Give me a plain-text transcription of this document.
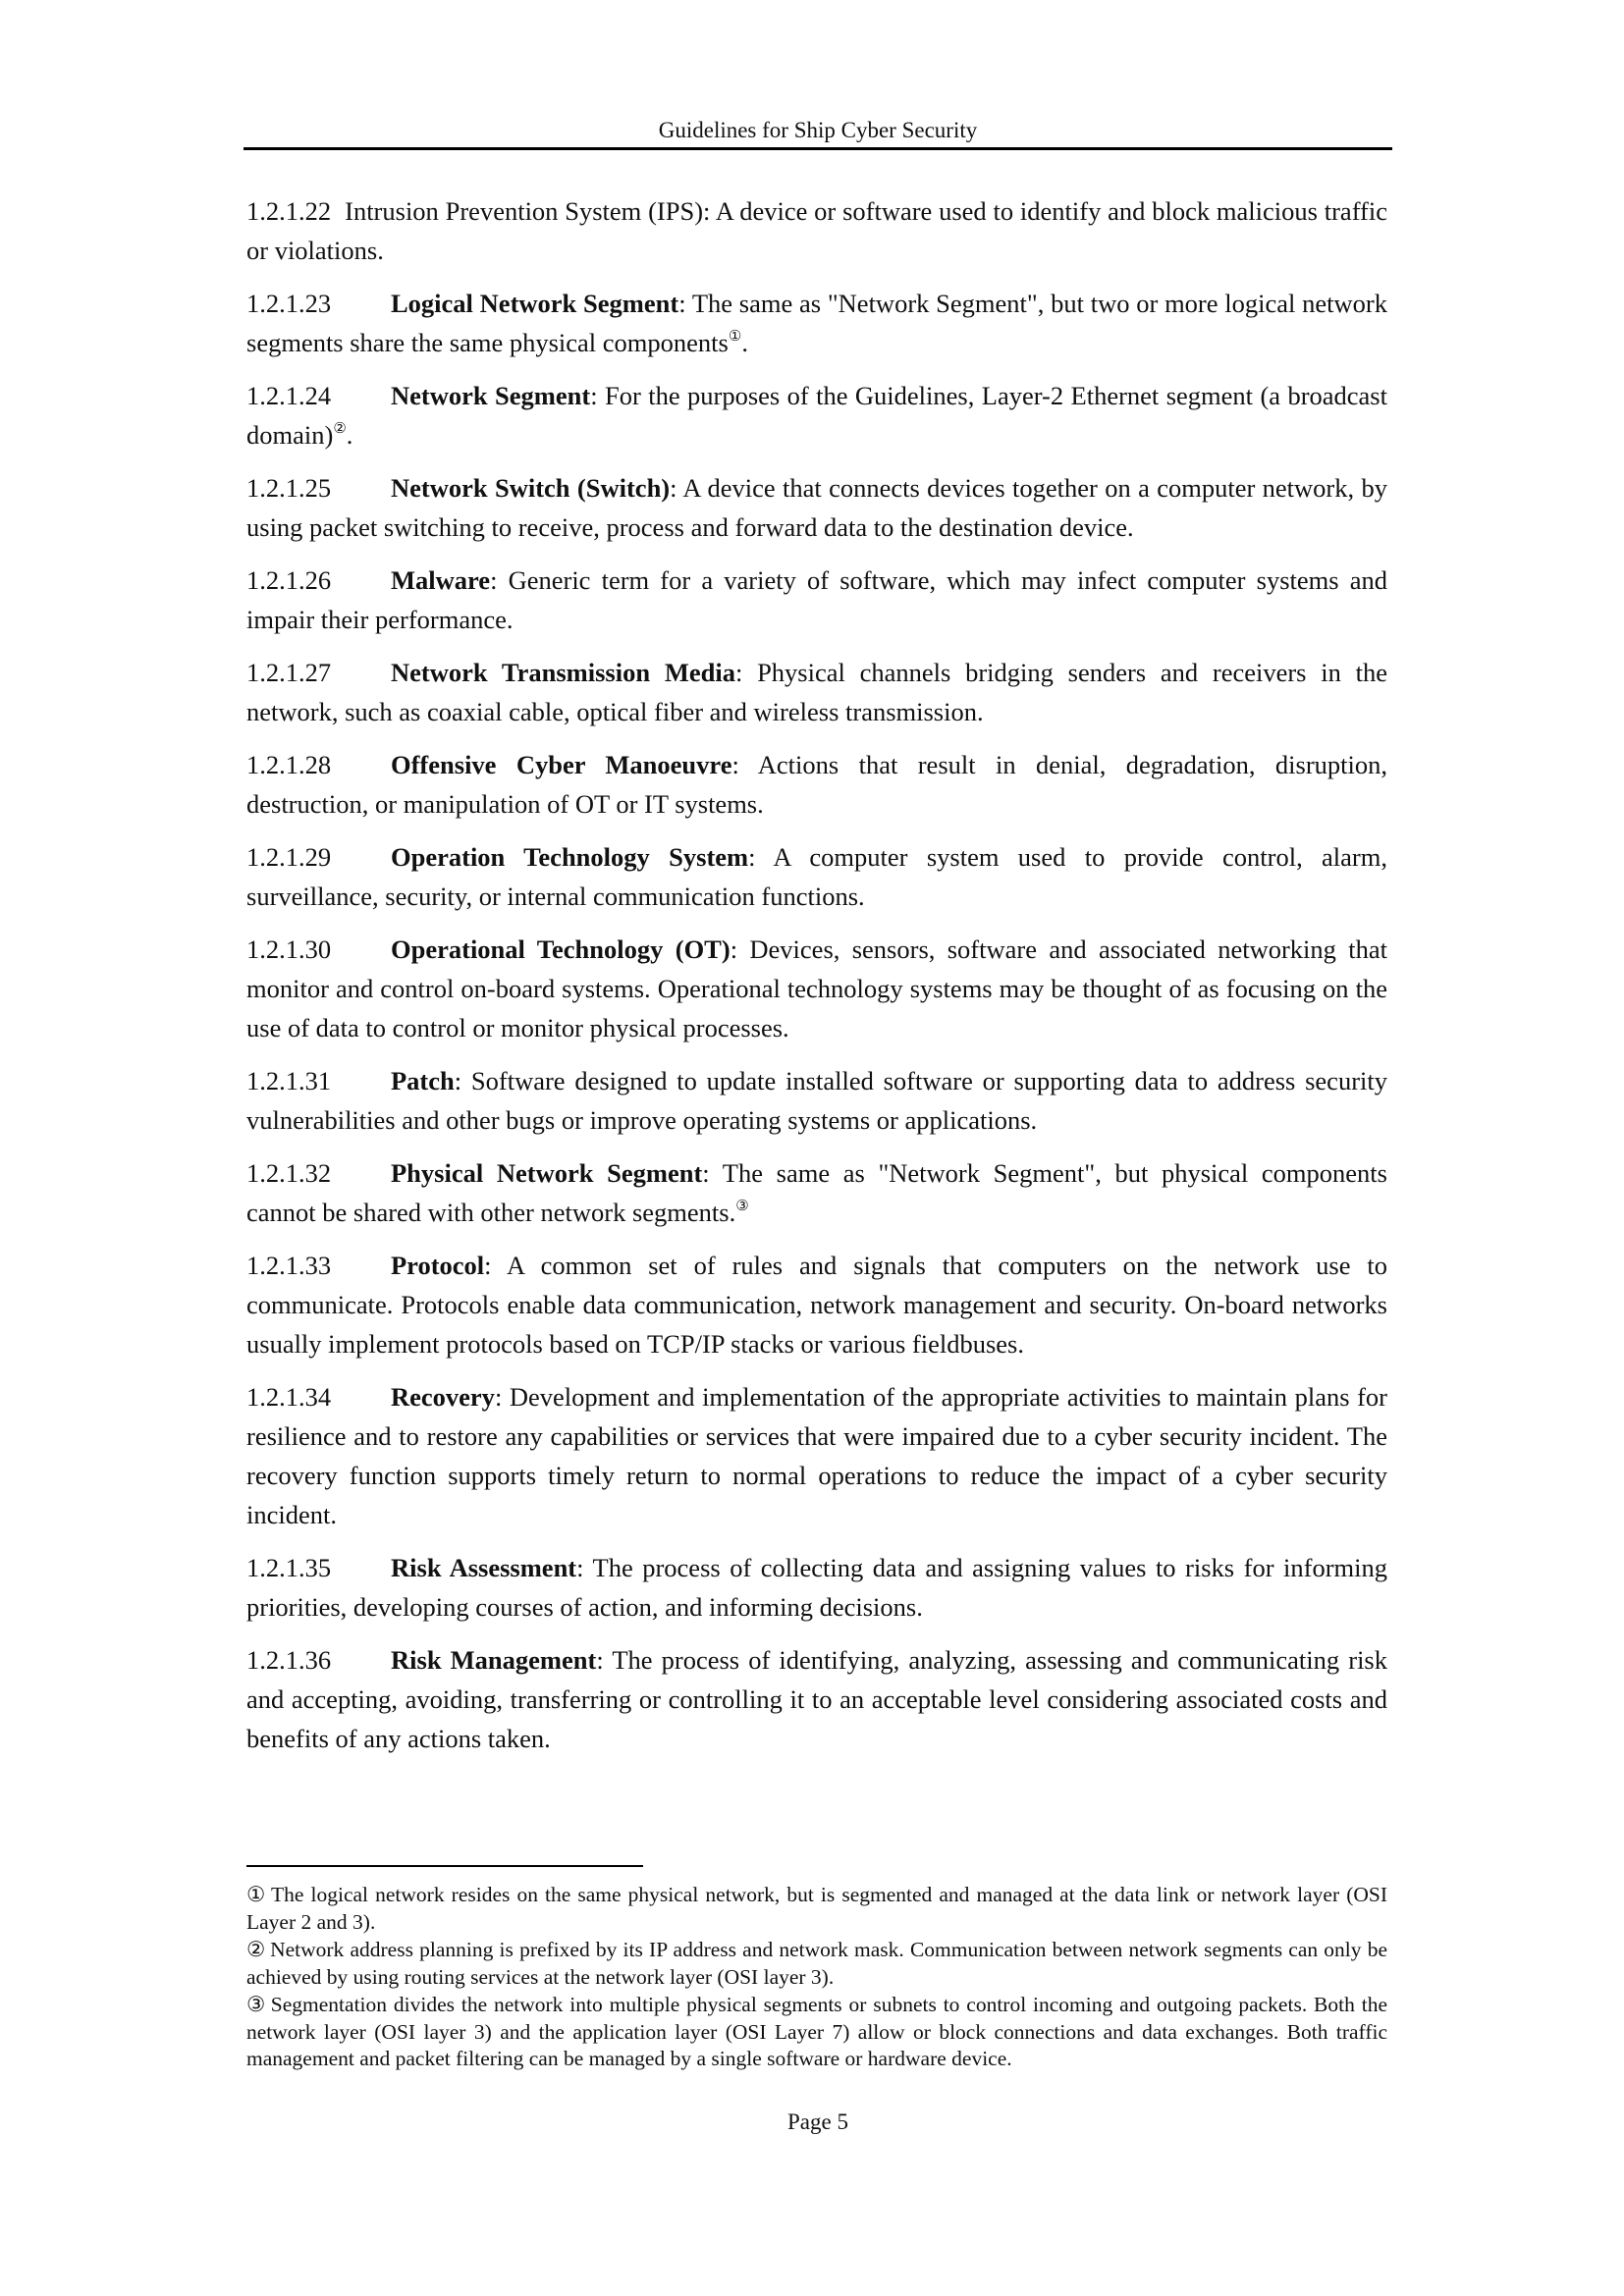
Guidelines for Ship Cyber Security

1.2.1.22 Intrusion Prevention System (IPS): A device or software used to identify and block malicious traffic or violations.

1.2.1.23 Logical Network Segment: The same as "Network Segment", but two or more logical network segments share the same physical components①.

1.2.1.24 Network Segment: For the purposes of the Guidelines, Layer-2 Ethernet segment (a broadcast domain)②.

1.2.1.25 Network Switch (Switch): A device that connects devices together on a computer network, by using packet switching to receive, process and forward data to the destination device.

1.2.1.26 Malware: Generic term for a variety of software, which may infect computer systems and impair their performance.

1.2.1.27 Network Transmission Media: Physical channels bridging senders and receivers in the network, such as coaxial cable, optical fiber and wireless transmission.

1.2.1.28 Offensive Cyber Manoeuvre: Actions that result in denial, degradation, disruption, destruction, or manipulation of OT or IT systems.

1.2.1.29 Operation Technology System: A computer system used to provide control, alarm, surveillance, security, or internal communication functions.

1.2.1.30 Operational Technology (OT): Devices, sensors, software and associated networking that monitor and control on-board systems. Operational technology systems may be thought of as focusing on the use of data to control or monitor physical processes.

1.2.1.31 Patch: Software designed to update installed software or supporting data to address security vulnerabilities and other bugs or improve operating systems or applications.

1.2.1.32 Physical Network Segment: The same as "Network Segment", but physical components cannot be shared with other network segments.③

1.2.1.33 Protocol: A common set of rules and signals that computers on the network use to communicate. Protocols enable data communication, network management and security. On-board networks usually implement protocols based on TCP/IP stacks or various fieldbuses.

1.2.1.34 Recovery: Development and implementation of the appropriate activities to maintain plans for resilience and to restore any capabilities or services that were impaired due to a cyber security incident. The recovery function supports timely return to normal operations to reduce the impact of a cyber security incident.

1.2.1.35 Risk Assessment: The process of collecting data and assigning values to risks for informing priorities, developing courses of action, and informing decisions.

1.2.1.36 Risk Management: The process of identifying, analyzing, assessing and communicating risk and accepting, avoiding, transferring or controlling it to an acceptable level considering associated costs and benefits of any actions taken.

① The logical network resides on the same physical network, but is segmented and managed at the data link or network layer (OSI Layer 2 and 3).

② Network address planning is prefixed by its IP address and network mask. Communication between network segments can only be achieved by using routing services at the network layer (OSI layer 3).

③ Segmentation divides the network into multiple physical segments or subnets to control incoming and outgoing packets. Both the network layer (OSI layer 3) and the application layer (OSI Layer 7) allow or block connections and data exchanges. Both traffic management and packet filtering can be managed by a single software or hardware device.

Page 5
